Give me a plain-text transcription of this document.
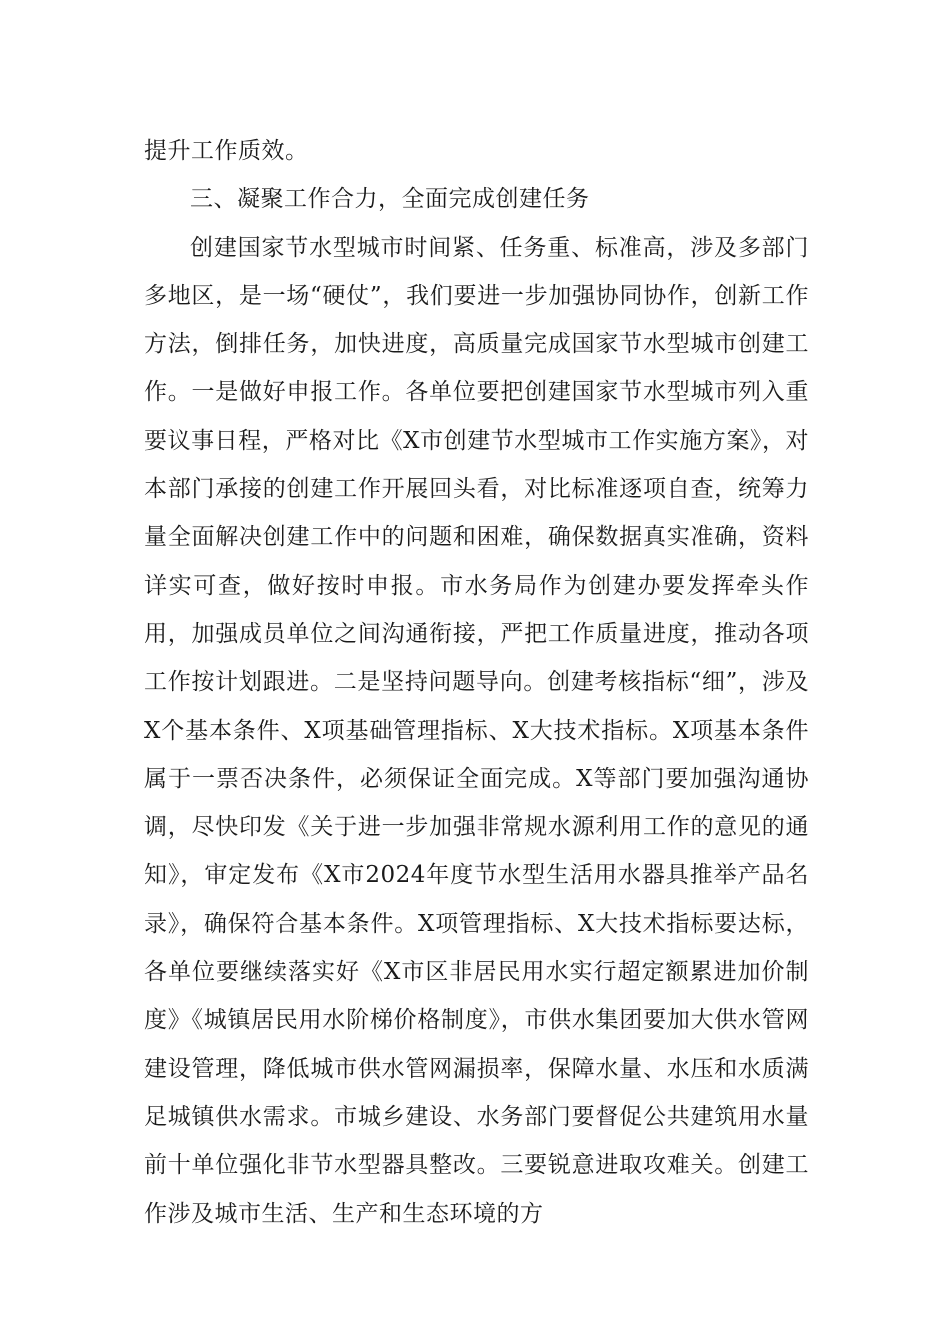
提升工作质效。

三、凝聚工作合力，全面完成创建任务

创建国家节水型城市时间紧、任务重、标准高，涉及多部门多地区，是一场“硬仗”，我们要进一步加强协同协作，创新工作方法，倒排任务，加快进度，高质量完成国家节水型城市创建工作。一是做好申报工作。各单位要把创建国家节水型城市列入重要议事日程，严格对比《X市创建节水型城市工作实施方案》，对本部门承接的创建工作开展回头看，对比标准逐项自查，统筹力量全面解决创建工作中的问题和困难，确保数据真实准确，资料详实可查，做好按时申报。市水务局作为创建办要发挥牵头作用，加强成员单位之间沟通衔接，严把工作质量进度，推动各项工作按计划跟进。二是坚持问题导向。创建考核指标“细”，涉及X个基本条件、X项基础管理指标、X大技术指标。X项基本条件属于一票否决条件，必须保证全面完成。X等部门要加强沟通协调，尽快印发《关于进一步加强非常规水源利用工作的意见的通知》，审定发布《X市2024年度节水型生活用水器具推举产品名录》，确保符合基本条件。X项管理指标、X大技术指标要达标，各单位要继续落实好《X市区非居民用水实行超定额累进加价制度》《城镇居民用水阶梯价格制度》，市供水集团要加大供水管网建设管理，降低城市供水管网漏损率，保障水量、水压和水质满足城镇供水需求。市城乡建设、水务部门要督促公共建筑用水量前十单位强化非节水型器具整改。三要锐意进取攻难关。创建工作涉及城市生活、生产和生态环境的方
